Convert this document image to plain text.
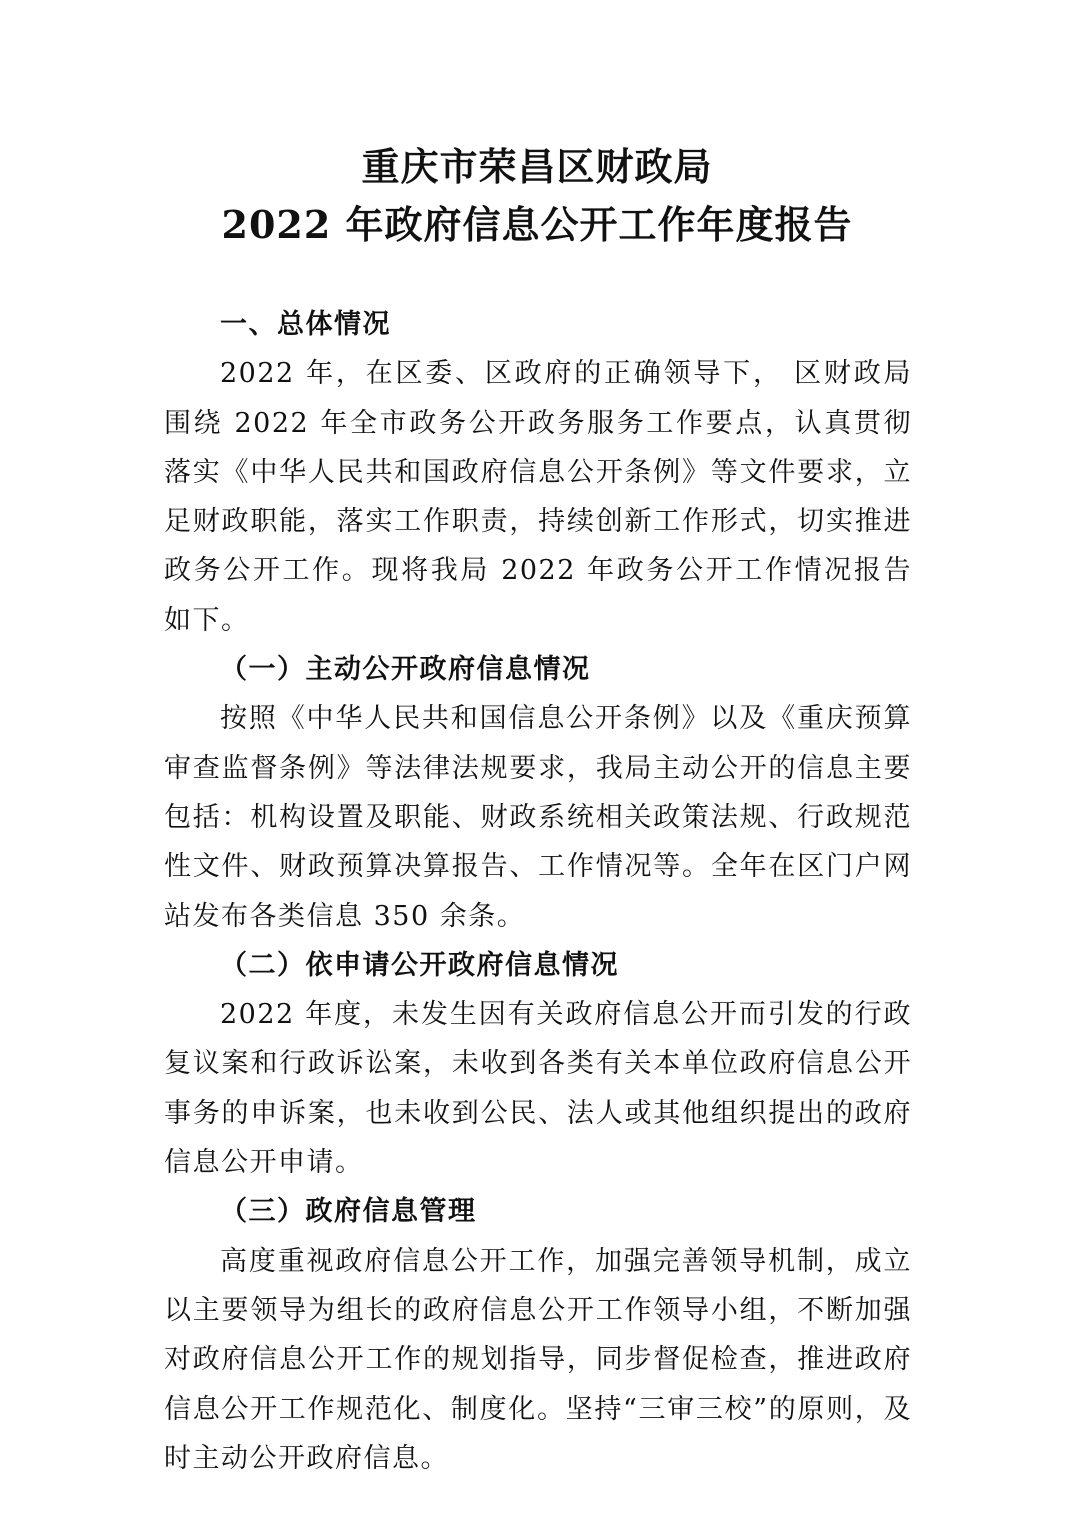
重庆市荣昌区财政局
2022 年政府信息公开工作年度报告

一、总体情况

2022 年，在区委、区政府的正确领导下， 区财政局围绕 2022 年全市政务公开政务服务工作要点，认真贯彻落实《中华人民共和国政府信息公开条例》等文件要求，立足财政职能，落实工作职责，持续创新工作形式，切实推进政务公开工作。现将我局 2022 年政务公开工作情况报告如下。

（一）主动公开政府信息情况

按照《中华人民共和国信息公开条例》以及《重庆预算审查监督条例》等法律法规要求，我局主动公开的信息主要包括：机构设置及职能、财政系统相关政策法规、行政规范性文件、财政预算决算报告、工作情况等。全年在区门户网站发布各类信息 350 余条。

（二）依申请公开政府信息情况

2022 年度，未发生因有关政府信息公开而引发的行政复议案和行政诉讼案，未收到各类有关本单位政府信息公开事务的申诉案，也未收到公民、法人或其他组织提出的政府信息公开申请。

（三）政府信息管理

高度重视政府信息公开工作，加强完善领导机制，成立以主要领导为组长的政府信息公开工作领导小组，不断加强对政府信息公开工作的规划指导，同步督促检查，推进政府信息公开工作规范化、制度化。坚持“三审三校”的原则，及时主动公开政府信息。
